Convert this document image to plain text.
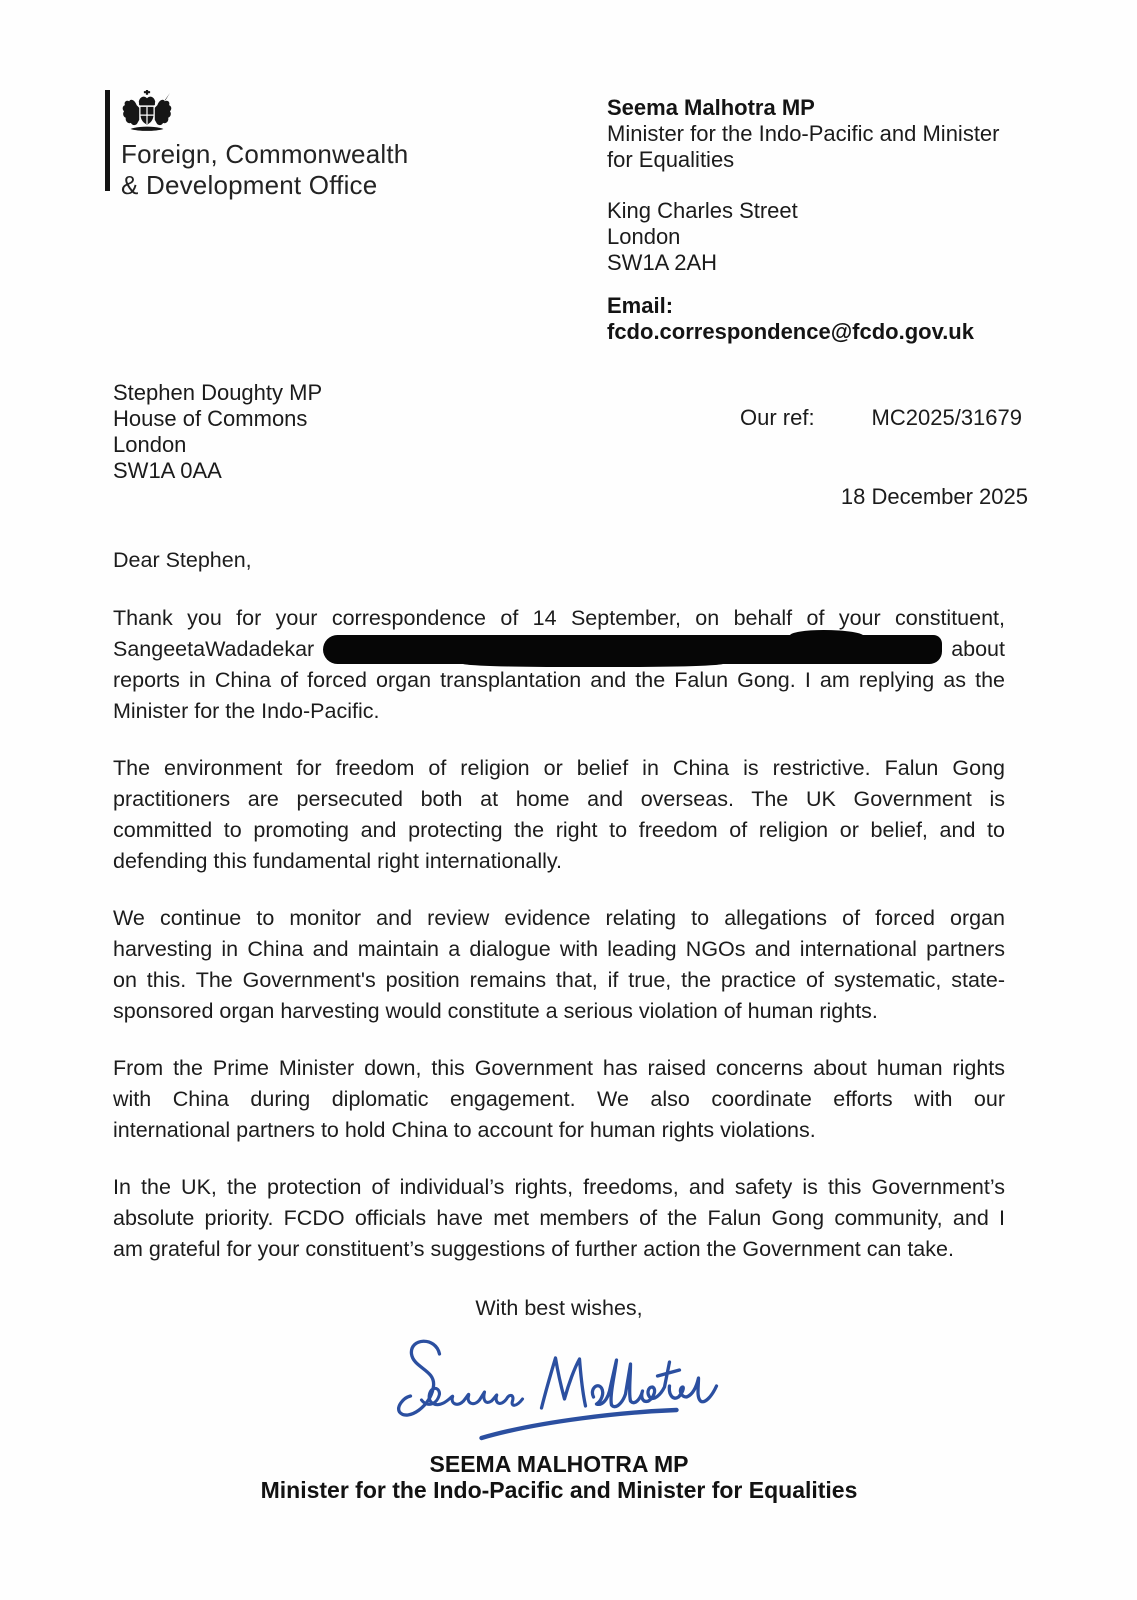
Foreign, Commonwealth
& Development Office
Seema Malhotra MP
Minister for the Indo-Pacific and Minister
for Equalities
King Charles Street
London
SW1A 2AH
Email:
fcdo.correspondence@fcdo.gov.uk
Stephen Doughty MP
House of Commons
London
SW1A 0AA
Our ref:	MC2025/31679
18 December 2025
Dear Stephen,
Thank you for your correspondence of 14 September, on behalf of your constituent,
Sangeeta Wadadekar	about
reports in China of forced organ transplantation and the Falun Gong. I am replying as the
Minister for the Indo-Pacific.
The environment for freedom of religion or belief in China is restrictive. Falun Gong
practitioners are persecuted both at home and overseas. The UK Government is
committed to promoting and protecting the right to freedom of religion or belief, and to
defending this fundamental right internationally.
We continue to monitor and review evidence relating to allegations of forced organ
harvesting in China and maintain a dialogue with leading NGOs and international partners
on this. The Government's position remains that, if true, the practice of systematic, state-
sponsored organ harvesting would constitute a serious violation of human rights.
From the Prime Minister down, this Government has raised concerns about human rights
with China during diplomatic engagement. We also coordinate efforts with our
international partners to hold China to account for human rights violations.
In the UK, the protection of individual’s rights, freedoms, and safety is this Government’s
absolute priority. FCDO officials have met members of the Falun Gong community, and I
am grateful for your constituent’s suggestions of further action the Government can take.
With best wishes,
SEEMA MALHOTRA MP
Minister for the Indo-Pacific and Minister for Equalities
